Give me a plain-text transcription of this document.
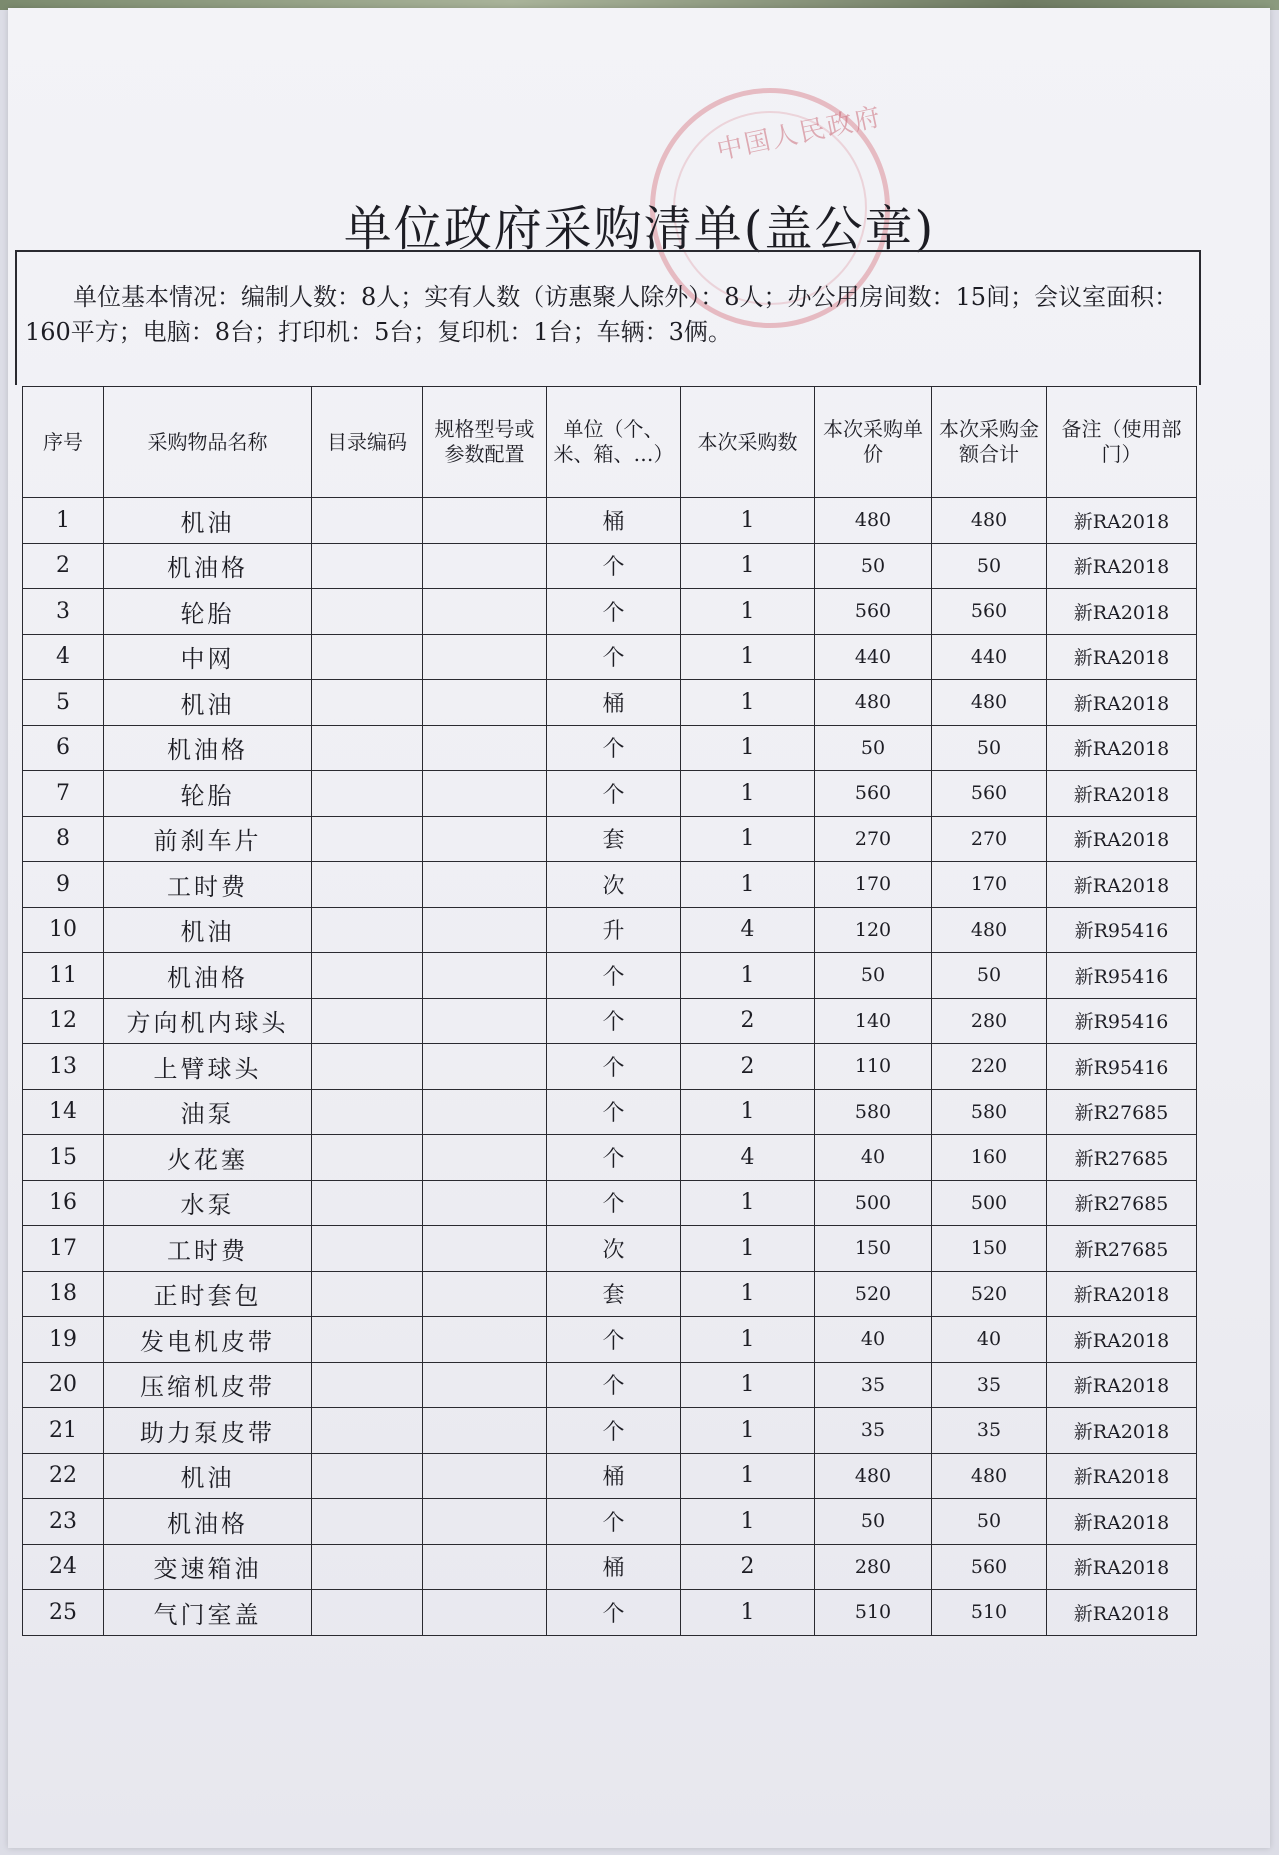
中国人民政府
单位政府采购清单(盖公章)
单位基本情况：编制人数：8人；实有人数（访惠聚人除外）：8人；办公用房间数：15间；会议室面积：160平方；电脑：8台；打印机：5台；复印机：1台；车辆：3俩。
序号	采购物品名称	目录编码	规格型号或参数配置	单位（个、米、箱、…）	本次采购数	本次采购单价	本次采购金额合计	备注（使用部门）
1	机油			桶	1	480	480	新RA2018
2	机油格			个	1	50	50	新RA2018
3	轮胎			个	1	560	560	新RA2018
4	中网			个	1	440	440	新RA2018
5	机油			桶	1	480	480	新RA2018
6	机油格			个	1	50	50	新RA2018
7	轮胎			个	1	560	560	新RA2018
8	前刹车片			套	1	270	270	新RA2018
9	工时费			次	1	170	170	新RA2018
10	机油			升	4	120	480	新R95416
11	机油格			个	1	50	50	新R95416
12	方向机内球头			个	2	140	280	新R95416
13	上臂球头			个	2	110	220	新R95416
14	油泵			个	1	580	580	新R27685
15	火花塞			个	4	40	160	新R27685
16	水泵			个	1	500	500	新R27685
17	工时费			次	1	150	150	新R27685
18	正时套包			套	1	520	520	新RA2018
19	发电机皮带			个	1	40	40	新RA2018
20	压缩机皮带			个	1	35	35	新RA2018
21	助力泵皮带			个	1	35	35	新RA2018
22	机油			桶	1	480	480	新RA2018
23	机油格			个	1	50	50	新RA2018
24	变速箱油			桶	2	280	560	新RA2018
25	气门室盖			个	1	510	510	新RA2018
